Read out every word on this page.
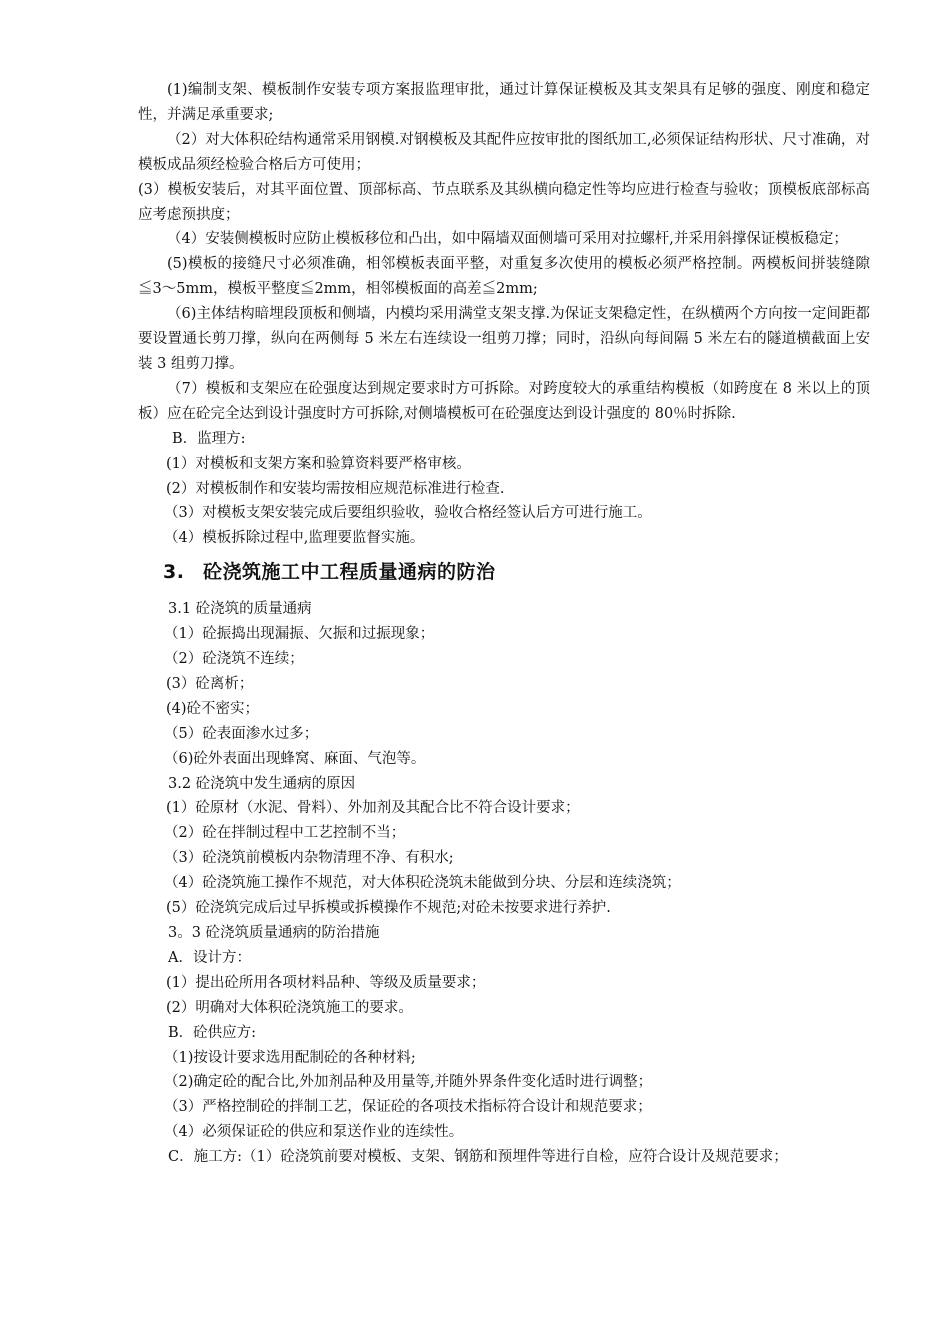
(1)编制支架、模板制作安装专项方案报监理审批，通过计算保证模板及其支架具有足够的强度、刚度和稳定性，并满足承重要求;

（2）对大体积砼结构通常采用钢模.对钢模板及其配件应按审批的图纸加工,必须保证结构形状、尺寸准确，对模板成品须经检验合格后方可使用；

(3）模板安装后，对其平面位置、顶部标高、节点联系及其纵横向稳定性等均应进行检查与验收；顶模板底部标高应考虑预拱度；

（4）安装侧模板时应防止模板移位和凸出，如中隔墙双面侧墙可采用对拉螺杆,并采用斜撑保证模板稳定；

(5)模板的接缝尺寸必须准确，相邻模板表面平整，对重复多次使用的模板必须严格控制。两模板间拼装缝隙≦3～5mm，模板平整度≦2mm，相邻模板面的高差≦2mm;

（6)主体结构暗埋段顶板和侧墙，内模均采用满堂支架支撑.为保证支架稳定性，在纵横两个方向按一定间距都要设置通长剪刀撑，纵向在两侧每 5 米左右连续设一组剪刀撑；同时，沿纵向每间隔 5 米左右的隧道横截面上安装 3 组剪刀撑。

（7）模板和支架应在砼强度达到规定要求时方可拆除。对跨度较大的承重结构模板（如跨度在 8 米以上的顶板）应在砼完全达到设计强度时方可拆除,对侧墙模板可在砼强度达到设计强度的 80％时拆除.

B．监理方:

(1）对模板和支架方案和验算资料要严格审核。

(2）对模板制作和安装均需按相应规范标准进行检查.

（3）对模板支架安装完成后要组织验收，验收合格经签认后方可进行施工。

（4）模板拆除过程中,监理要监督实施。

3. 砼浇筑施工中工程质量通病的防治

3.1 砼浇筑的质量通病

（1）砼振捣出现漏振、欠振和过振现象；

（2）砼浇筑不连续；

(3）砼离析；

(4)砼不密实；

（5）砼表面渗水过多；

（6)砼外表面出现蜂窝、麻面、气泡等。

3.2 砼浇筑中发生通病的原因

(1）砼原材（水泥、骨料）、外加剂及其配合比不符合设计要求；

（2）砼在拌制过程中工艺控制不当；

（3）砼浇筑前模板内杂物清理不净、有积水;

（4）砼浇筑施工操作不规范，对大体积砼浇筑未能做到分块、分层和连续浇筑；

(5）砼浇筑完成后过早拆模或拆模操作不规范;对砼未按要求进行养护.

3。3 砼浇筑质量通病的防治措施

A．设计方：

(1）提出砼所用各项材料品种、等级及质量要求；

(2）明确对大体积砼浇筑施工的要求。

B．砼供应方:

（1)按设计要求选用配制砼的各种材料;

（2)确定砼的配合比,外加剂品种及用量等,并随外界条件变化适时进行调整；

（3）严格控制砼的拌制工艺，保证砼的各项技术指标符合设计和规范要求；

（4）必须保证砼的供应和泵送作业的连续性。

C．施工方:（1）砼浇筑前要对模板、支架、钢筋和预埋件等进行自检，应符合设计及规范要求；
